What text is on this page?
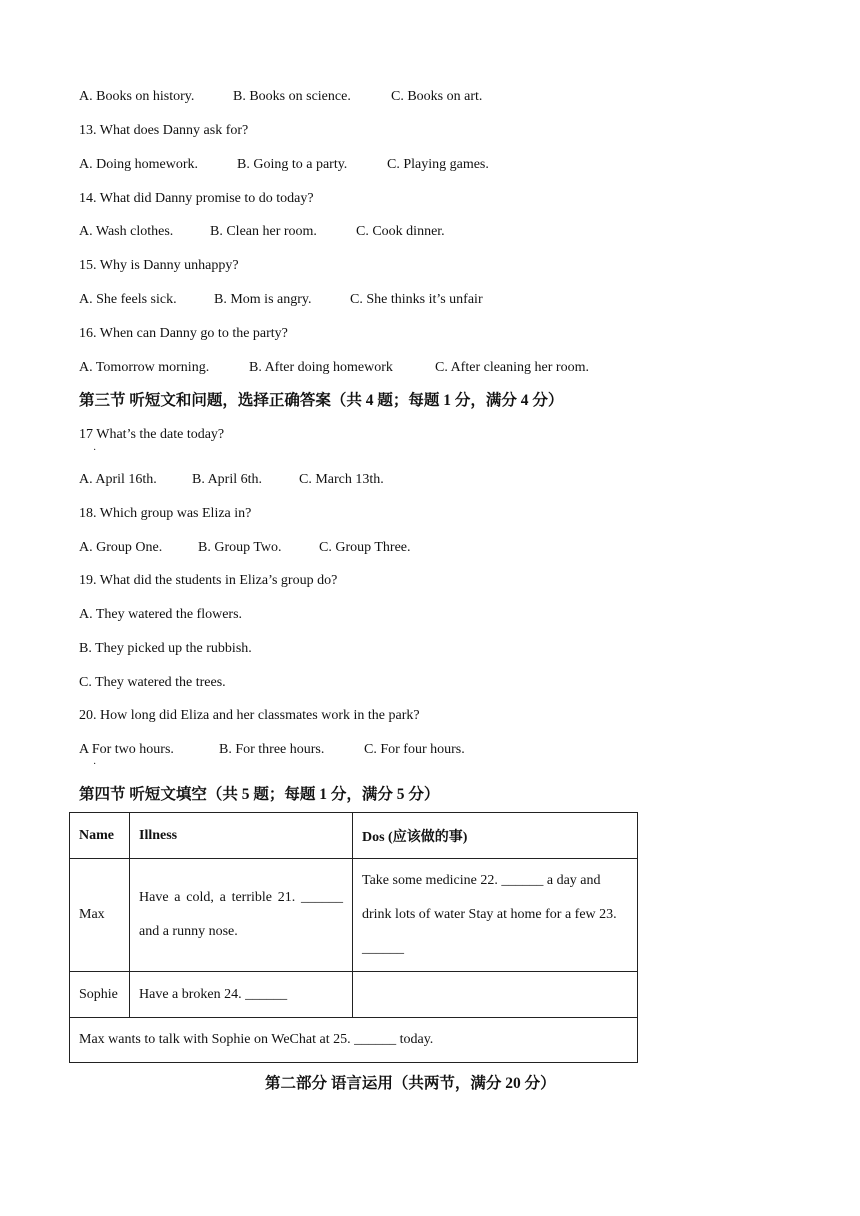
A. Books on history.	B. Books on science.	C. Books on art.
13. What does Danny ask for?
A. Doing homework.	B. Going to a party.	C. Playing games.
14. What did Danny promise to do today?
A. Wash clothes.	B. Clean her room.	C. Cook dinner.
15. Why is Danny unhappy?
A. She feels sick.	B. Mom is angry.	C. She thinks it’s unfair
16. When can Danny go to the party?
A. Tomorrow morning.	B. After doing homework	C. After cleaning her room.
第三节 听短文和问题，选择正确答案（共 4 题；每题 1 分，满分 4 分）
17 What’s the date today?
·
A. April 16th.	B. April 6th.	C. March 13th.
18. Which group was Eliza in?
A. Group One.	B. Group Two.	C. Group Three.
19. What did the students in Eliza’s group do?
A. They watered the flowers.
B. They picked up the rubbish.
C. They watered the trees.
20. How long did Eliza and her classmates work in the park?
A For two hours.	B. For three hours.	C. For four hours.
·
第四节 听短文填空（共 5 题；每题 1 分，满分 5 分）
Name	Illness	Dos (应该做的事)
Max	Have a cold, a terrible 21. ______ and a runny nose.	Take some medicine 22. ______ a day and drink lots of water Stay at home for a few 23. ______
Sophie	Have a broken 24. ______	
Max wants to talk with Sophie on WeChat at 25. ______ today.		
第二部分 语言运用（共两节，满分 20 分）
